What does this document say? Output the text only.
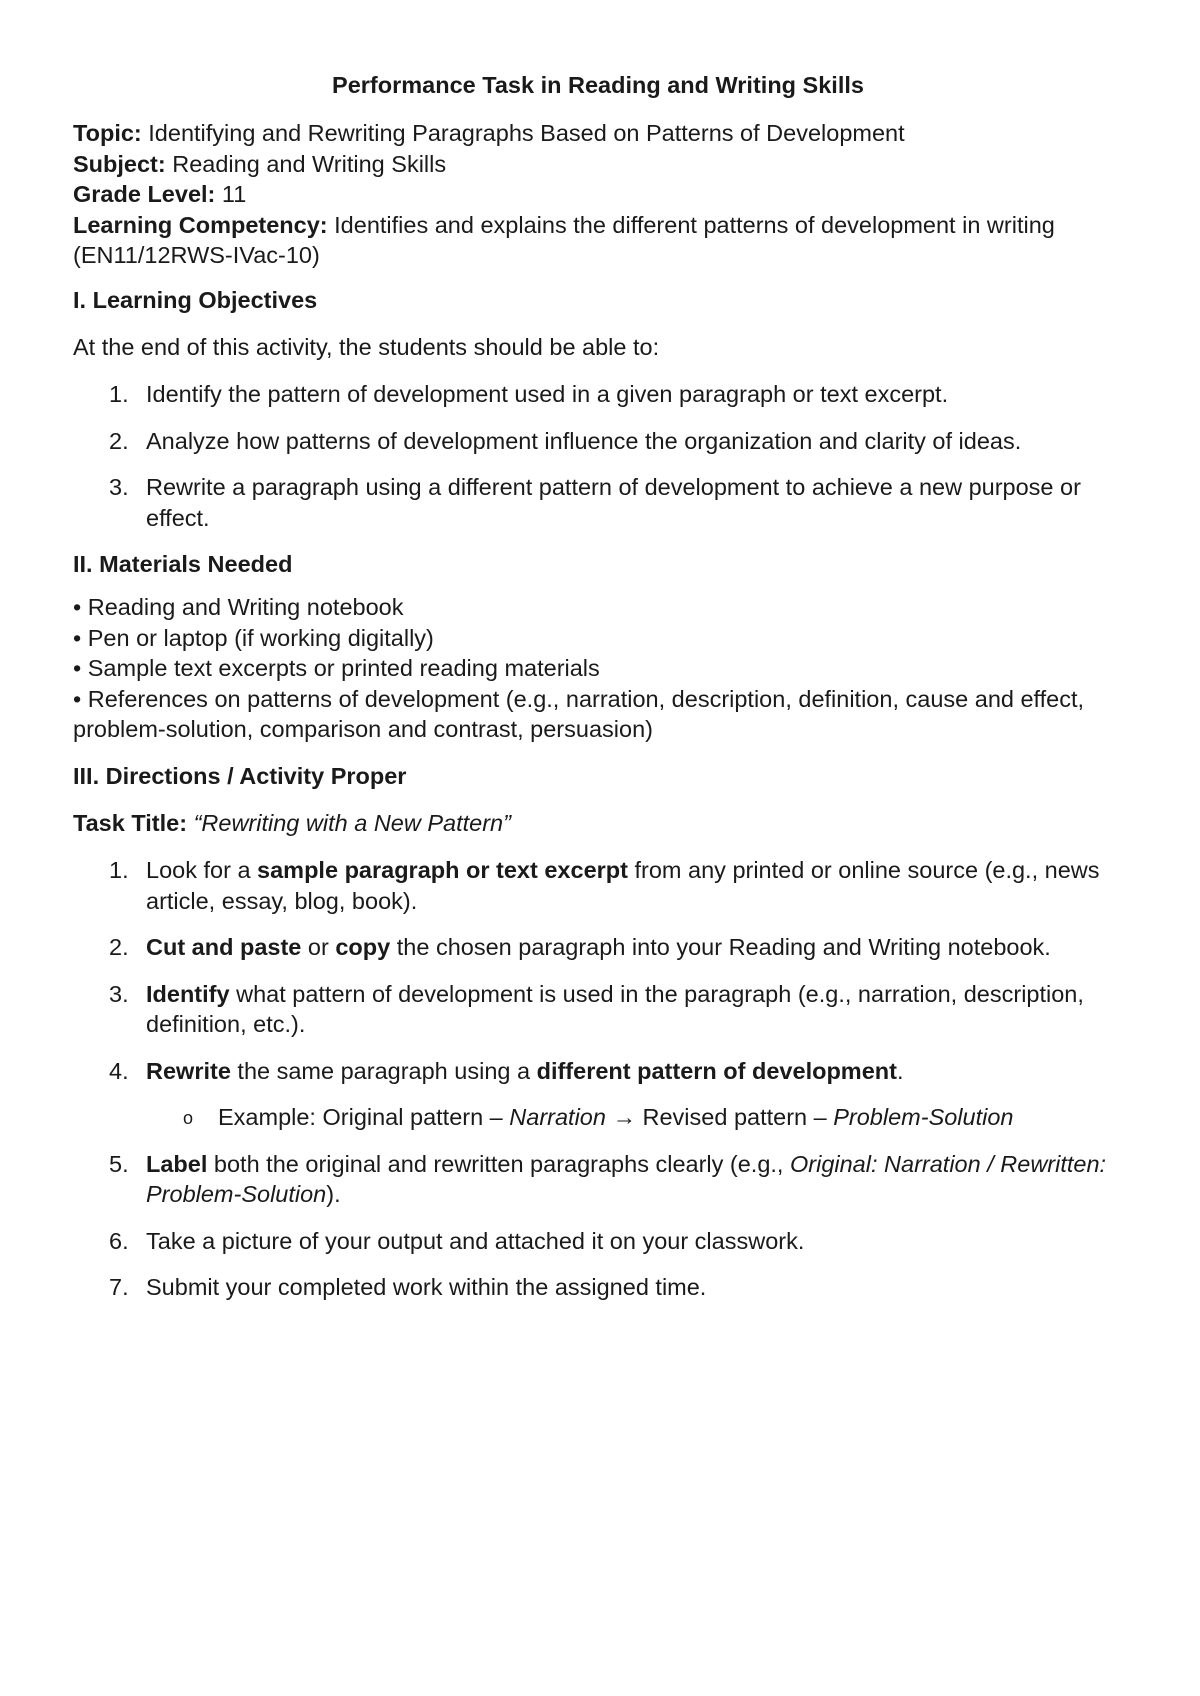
Performance Task in Reading and Writing Skills
Topic: Identifying and Rewriting Paragraphs Based on Patterns of Development
Subject: Reading and Writing Skills
Grade Level: 11
Learning Competency: Identifies and explains the different patterns of development in writing (EN11/12RWS-IVac-10)
I. Learning Objectives
At the end of this activity, the students should be able to:
1. Identify the pattern of development used in a given paragraph or text excerpt.
2. Analyze how patterns of development influence the organization and clarity of ideas.
3. Rewrite a paragraph using a different pattern of development to achieve a new purpose or effect.
II. Materials Needed
• Reading and Writing notebook
• Pen or laptop (if working digitally)
• Sample text excerpts or printed reading materials
• References on patterns of development (e.g., narration, description, definition, cause and effect, problem-solution, comparison and contrast, persuasion)
III. Directions / Activity Proper
Task Title: “Rewriting with a New Pattern”
1. Look for a sample paragraph or text excerpt from any printed or online source (e.g., news article, essay, blog, book).
2. Cut and paste or copy the chosen paragraph into your Reading and Writing notebook.
3. Identify what pattern of development is used in the paragraph (e.g., narration, description, definition, etc.).
4. Rewrite the same paragraph using a different pattern of development.
o Example: Original pattern – Narration → Revised pattern – Problem-Solution
5. Label both the original and rewritten paragraphs clearly (e.g., Original: Narration / Rewritten: Problem-Solution).
6. Take a picture of your output and attached it on your classwork.
7. Submit your completed work within the assigned time.
